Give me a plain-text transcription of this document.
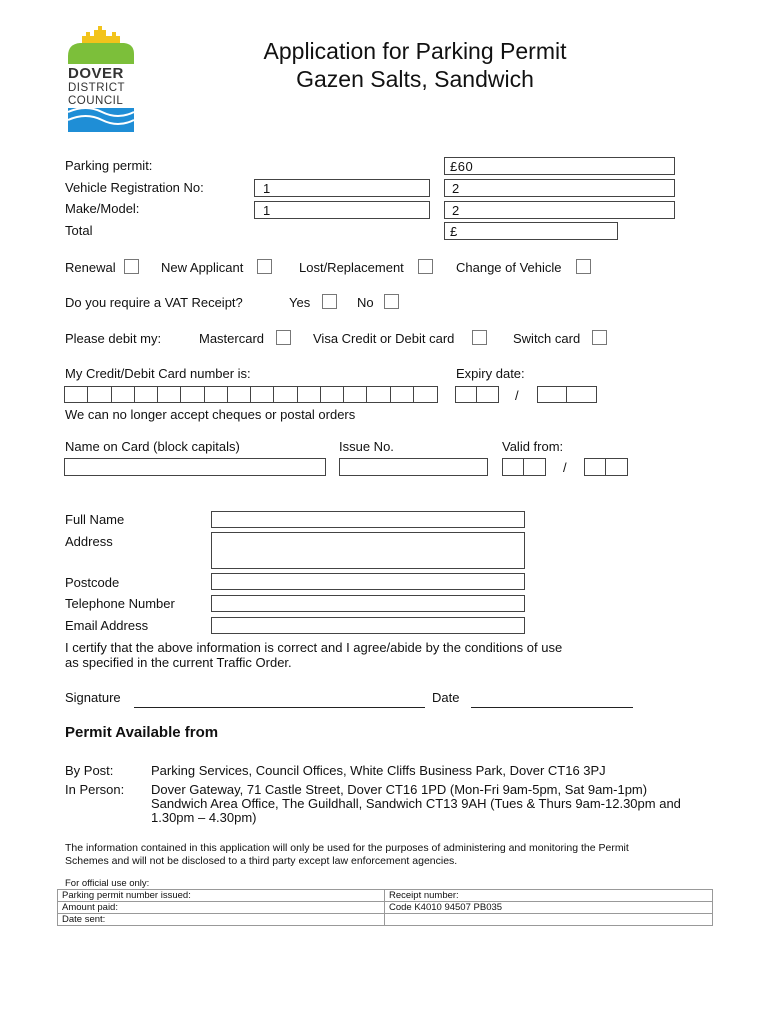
DOVER
DISTRICT
COUNCIL
Application for Parking Permit
Gazen Salts, Sandwich
Parking permit:	£60
Vehicle Registration No:	1	2
Make/Model:	1	2
Total	£
Renewal	New Applicant	Lost/Replacement	Change of Vehicle
Do you require a VAT Receipt?	Yes	No
Please debit my:	Mastercard	Visa Credit or Debit card	Switch card
My Credit/Debit Card number is:	Expiry date:
/
We can no longer accept cheques or postal orders
Name on Card (block capitals)	Issue No.	Valid from:
/
Full Name
Address
Postcode
Telephone Number
Email Address
I certify that the above information is correct and I agree/abide by the conditions of use
as specified in the current Traffic Order.
Signature	Date
Permit Available from
By Post:	Parking Services, Council Offices, White Cliffs Business Park, Dover CT16 3PJ
In Person: Dover Gateway, 71 Castle Street, Dover CT16 1PD (Mon-Fri 9am-5pm, Sat 9am-1pm)
Sandwich Area Office, The Guildhall, Sandwich CT13 9AH (Tues & Thurs 9am-12.30pm and
1.30pm – 4.30pm)
The information contained in this application will only be used for the purposes of administering and monitoring the Permit
Schemes and will not be disclosed to a third party except law enforcement agencies.
For official use only:
Parking permit number issued:	Receipt number:
Amount paid:	Code K4010 94507 PB035
Date sent:	
